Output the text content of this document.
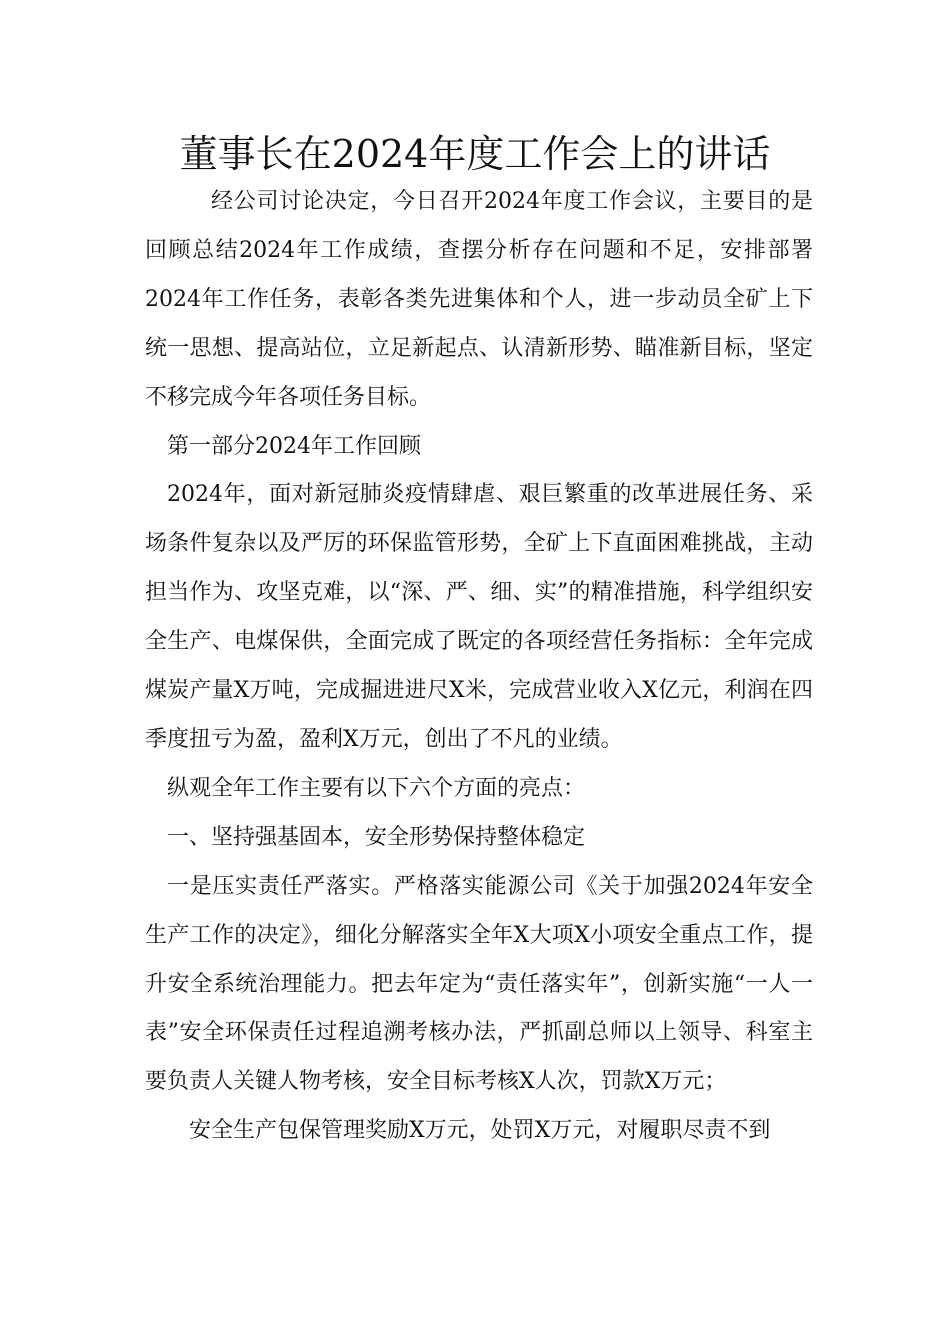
董事长在2024年度工作会上的讲话

经公司讨论决定，今日召开2024年度工作会议，主要目的是回顾总结2024年工作成绩，查摆分析存在问题和不足，安排部署2024年工作任务，表彰各类先进集体和个人，进一步动员全矿上下统一思想、提高站位，立足新起点、认清新形势、瞄准新目标，坚定不移完成今年各项任务目标。

第一部分2024年工作回顾

2024年，面对新冠肺炎疫情肆虐、艰巨繁重的改革进展任务、采场条件复杂以及严厉的环保监管形势，全矿上下直面困难挑战，主动担当作为、攻坚克难，以“深、严、细、实”的精准措施，科学组织安全生产、电煤保供，全面完成了既定的各项经营任务指标：全年完成煤炭产量X万吨，完成掘进进尺X米，完成营业收入X亿元，利润在四季度扭亏为盈，盈利X万元，创出了不凡的业绩。

纵观全年工作主要有以下六个方面的亮点：

一、坚持强基固本，安全形势保持整体稳定

一是压实责任严落实。严格落实能源公司《关于加强2024年安全生产工作的决定》，细化分解落实全年X大项X小项安全重点工作，提升安全系统治理能力。把去年定为“责任落实年”，创新实施“一人一表”安全环保责任过程追溯考核办法，严抓副总师以上领导、科室主要负责人关键人物考核，安全目标考核X人次，罚款X万元；

安全生产包保管理奖励X万元，处罚X万元，对履职尽责不到
